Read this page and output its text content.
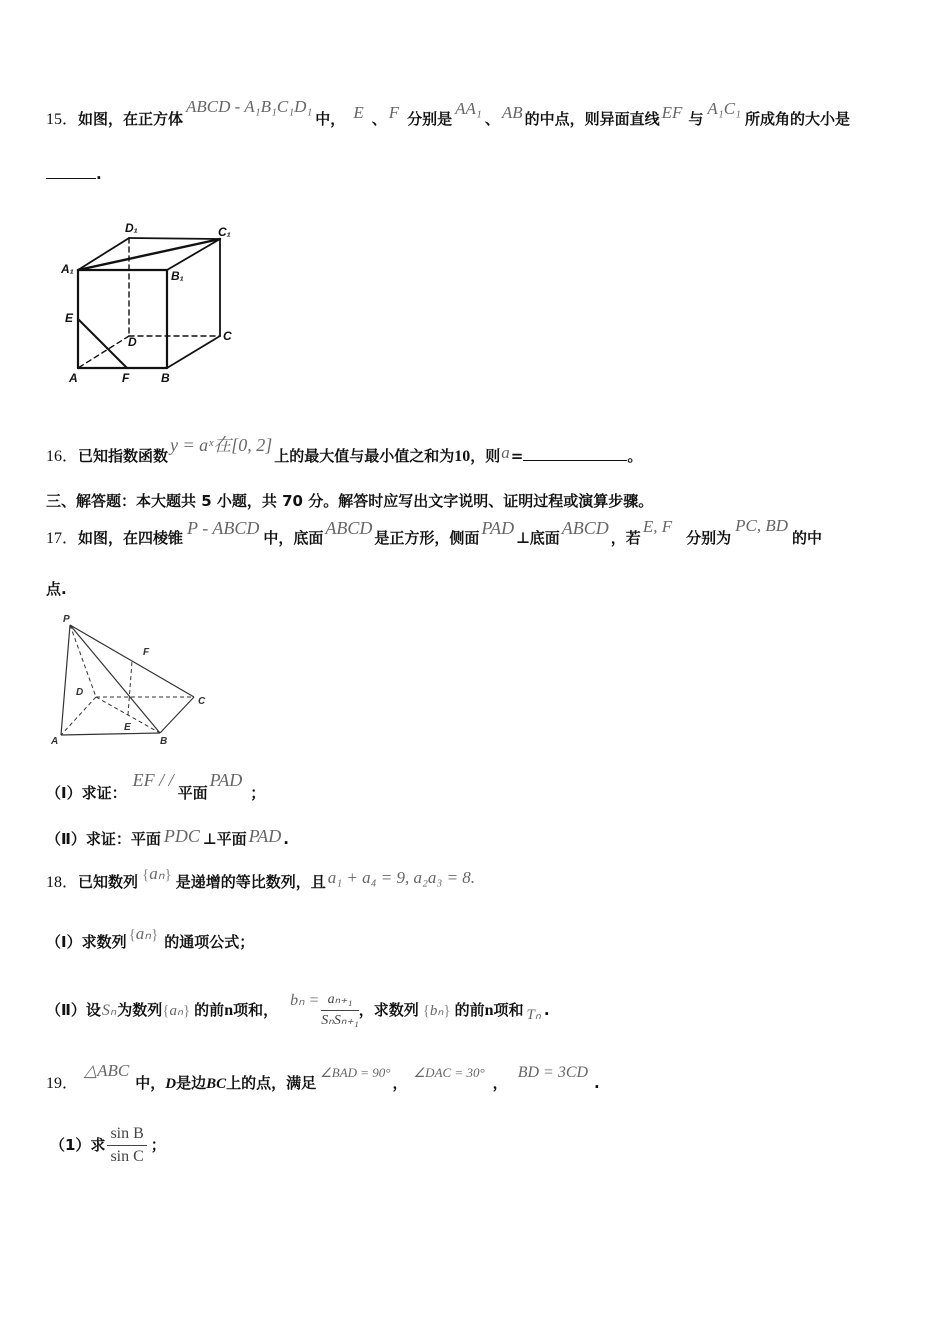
15．如图，在正方体ABCD - A₁B₁C₁D₁中， E 、 F 分别是AA₁、 AB 的中点，则异面直线 EF 与A₁C₁所成角的大小是
.
D₁	C₁
A₁	B₁
E
D	C
A	F	B
16．已知指数函数y = aˣ在[0, 2]上的最大值与最小值之和为10，则a=	。
三、解答题：本大题共 5 小题，共 70 分。解答时应写出文字说明、证明过程或演算步骤。
17．如图，在四棱锥 P - ABCD 中，底面 ABCD 是正方形，侧面 PAD ⊥底面 ABCD ，若E, F分别为PC, BD的中
点.
P
F
D
C
E
A	B
（Ⅰ）求证：EF / /平面PAD；
（Ⅱ）求证：平面 PDC ⊥平面 PAD .
18．已知数列 {aₙ} 是递增的等比数列，且 a₁ + a₄ = 9, a₂a₃ = 8.
（Ⅰ）求数列 {aₙ} 的通项公式；
（Ⅱ）设Sₙ为数列{aₙ} 的前n项和，$b_n = \frac{\text{aₙ₊₁}}{\text{SₙSₙ₊₁}}$ ，求数列 {bₙ} 的前n项和 Tₙ .
19．△ABC中，D是边BC上的点，满足∠BAD = 90°，∠DAC = 30°，BD = 3CD.
（1）求 $\frac{\text{sin B}}{\text{sin C}}$ ；
